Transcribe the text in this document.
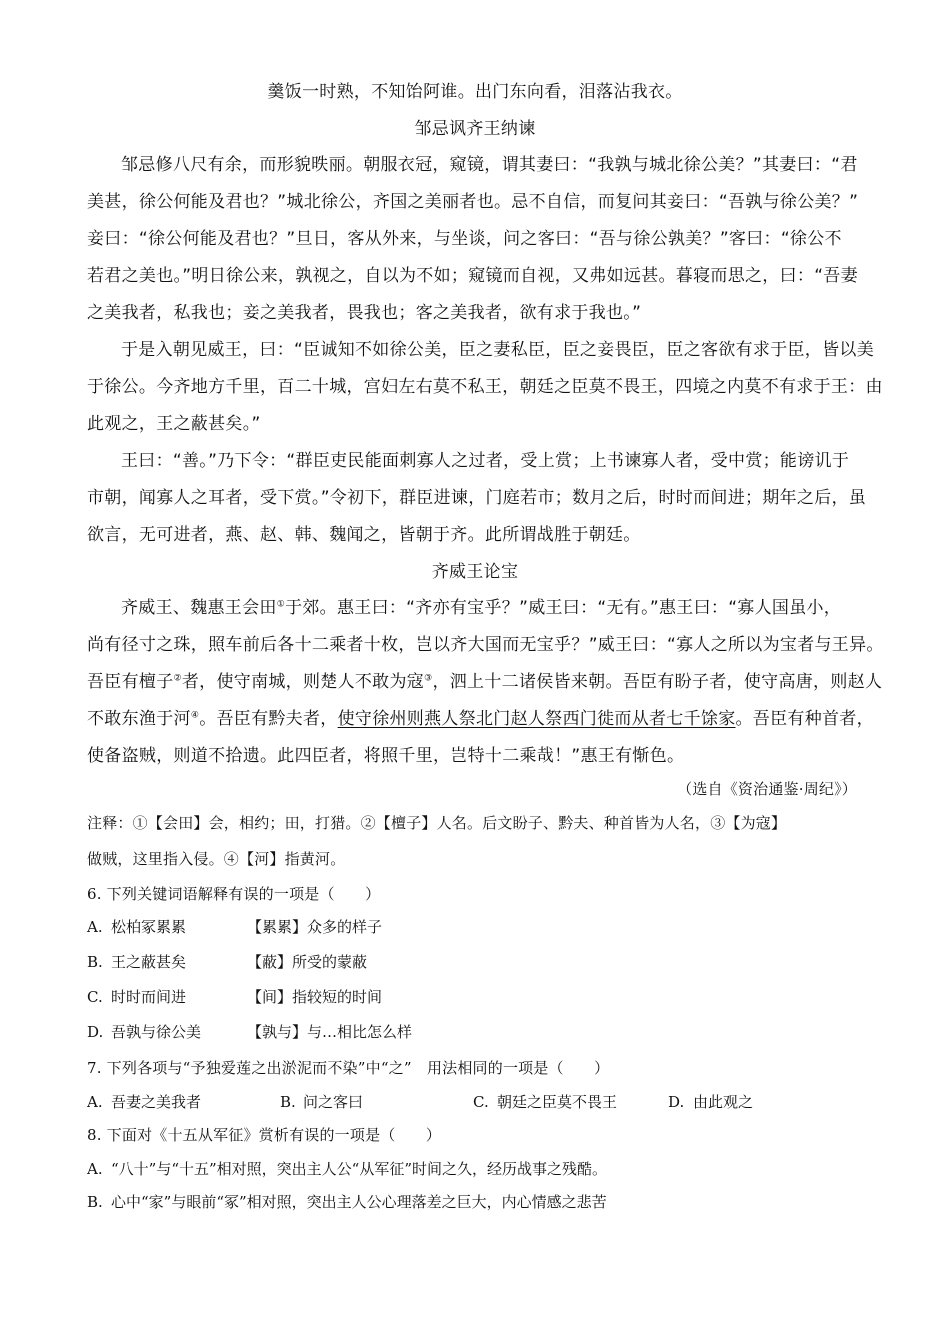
羹饭一时熟，不知饴阿谁。出门东向看，泪落沾我衣。
邹忌讽齐王纳谏
邹忌修八尺有余，而形貌昳丽。朝服衣冠，窥镜，谓其妻曰：“我孰与城北徐公美？”其妻曰：“君
美甚，徐公何能及君也？”城北徐公，齐国之美丽者也。忌不自信，而复问其妾曰：“吾孰与徐公美？”
妾曰：“徐公何能及君也？”旦日，客从外来，与坐谈，问之客曰：“吾与徐公孰美？”客曰：“徐公不
若君之美也。”明日徐公来，孰视之，自以为不如；窥镜而自视，又弗如远甚。暮寝而思之，曰：“吾妻
之美我者，私我也；妾之美我者，畏我也；客之美我者，欲有求于我也。”
于是入朝见威王，曰：“臣诚知不如徐公美，臣之妻私臣，臣之妾畏臣，臣之客欲有求于臣，皆以美
于徐公。今齐地方千里，百二十城，宫妇左右莫不私王，朝廷之臣莫不畏王，四境之内莫不有求于王：由
此观之，王之蔽甚矣。”
王曰：“善。”乃下令：“群臣吏民能面刺寡人之过者，受上赏；上书谏寡人者，受中赏；能谤讥于
市朝，闻寡人之耳者，受下赏。”令初下，群臣进谏，门庭若市；数月之后，时时而间进；期年之后，虽
欲言，无可进者，燕、赵、韩、魏闻之，皆朝于齐。此所谓战胜于朝廷。
齐威王论宝
齐威王、魏惠王会田①于郊。惠王曰：“齐亦有宝乎？”威王曰：“无有。”惠王曰：“寡人国虽小，
尚有径寸之珠，照车前后各十二乘者十枚，岂以齐大国而无宝乎？”威王曰：“寡人之所以为宝者与王异。
吾臣有檀子②者，使守南城，则楚人不敢为寇③，泗上十二诸侯皆来朝。吾臣有盼子者，使守高唐，则赵人
不敢东渔于河④。吾臣有黔夫者，使守徐州则燕人祭北门赵人祭西门徙而从者七千馀家。吾臣有种首者，
使备盗贼，则道不拾遗。此四臣者，将照千里，岂特十二乘哉！”惠王有惭色。
（选自《资治通鉴·周纪》）
注释：①【会田】会，相约；田，打猎。②【檀子】人名。后文盼子、黔夫、种首皆为人名，③【为寇】
做贼，这里指入侵。④【河】指黄河。
6. 下列关键词语解释有误的一项是（　　）
A. 松柏冢累累	【累累】众多的样子
B. 王之蔽甚矣	【蔽】所受的蒙蔽
C. 时时而间进	【间】指较短的时间
D. 吾孰与徐公美	【孰与】与…相比怎么样
7. 下列各项与“予独爱莲之出淤泥而不染”中“之”　用法相同的一项是（　　）
A. 吾妻之美我者	B. 问之客曰	C. 朝廷之臣莫不畏王	D. 由此观之
8. 下面对《十五从军征》赏析有误的一项是（　　）
A. “八十”与“十五”相对照，突出主人公“从军征”时间之久，经历战事之残酷。
B. 心中“家”与眼前“冢”相对照，突出主人公心理落差之巨大，内心情感之悲苦
